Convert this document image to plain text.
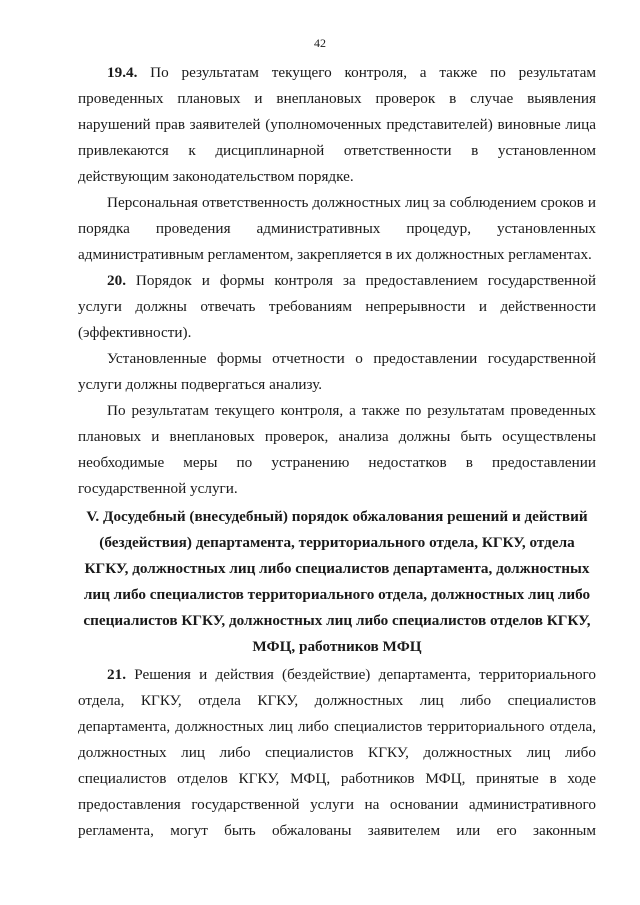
42

19.4. По результатам текущего контроля, а также по результатам проведенных плановых и внеплановых проверок в случае выявления нарушений прав заявителей (уполномоченных представителей) виновные лица привлекаются к дисциплинарной ответственности в установленном действующим законодательством порядке.

Персональная ответственность должностных лиц за соблюдением сроков и порядка проведения административных процедур, установленных административным регламентом, закрепляется в их должностных регламентах.

20. Порядок и формы контроля за предоставлением государственной услуги должны отвечать требованиям непрерывности и действенности (эффективности).

Установленные формы отчетности о предоставлении государственной услуги должны подвергаться анализу.

По результатам текущего контроля, а также по результатам проведенных плановых и внеплановых проверок, анализа должны быть осуществлены необходимые меры по устранению недостатков в предоставлении государственной услуги.

V. Досудебный (внесудебный) порядок обжалования решений и действий (бездействия) департамента, территориального отдела, КГКУ, отдела КГКУ, должностных лиц либо специалистов департамента, должностных лиц либо специалистов территориального отдела, должностных лиц либо специалистов КГКУ, должностных лиц либо специалистов отделов КГКУ, МФЦ, работников МФЦ

21. Решения и действия (бездействие) департамента, территориального отдела, КГКУ, отдела КГКУ, должностных лиц либо специалистов департамента, должностных лиц либо специалистов территориального отдела, должностных лиц либо специалистов КГКУ, должностных лиц либо специалистов отделов КГКУ, МФЦ, работников МФЦ, принятые в ходе предоставления государственной услуги на основании административного регламента, могут быть обжалованы заявителем или его законным
